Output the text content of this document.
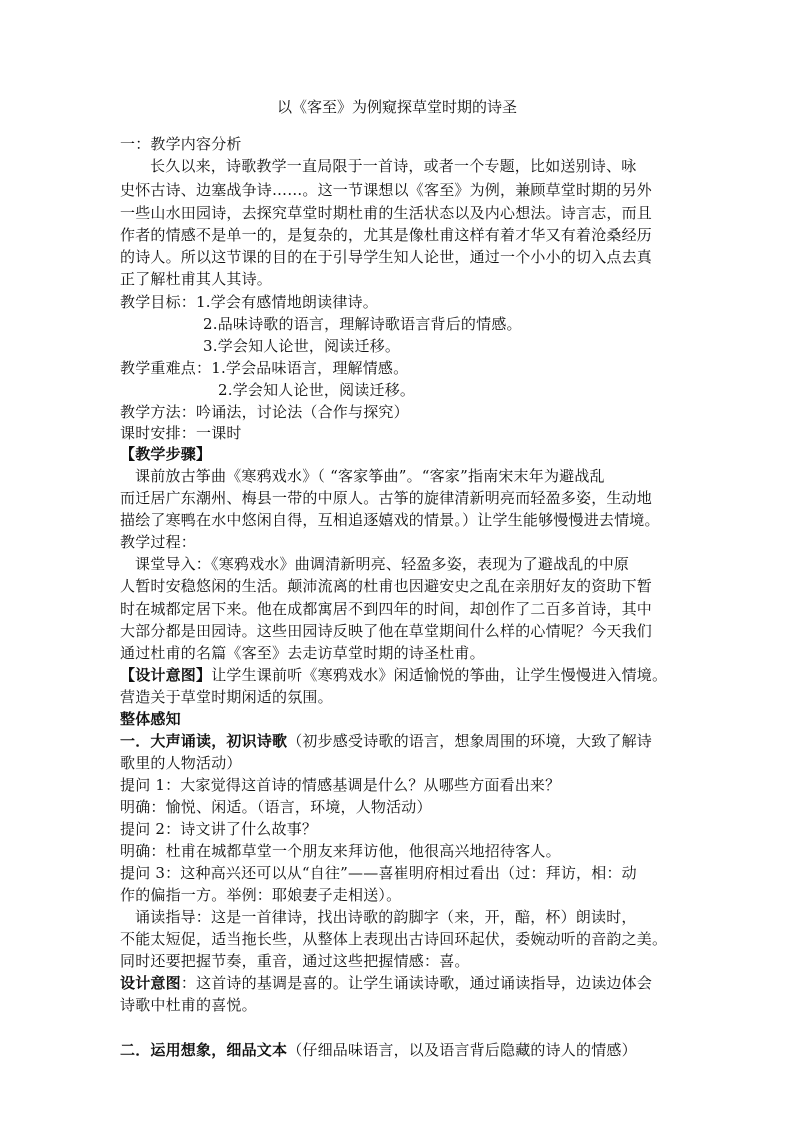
以《客至》为例窥探草堂时期的诗圣
一：教学内容分析
长久以来，诗歌教学一直局限于一首诗，或者一个专题，比如送别诗、咏
史怀古诗、边塞战争诗……。这一节课想以《客至》为例，兼顾草堂时期的另外
一些山水田园诗，去探究草堂时期杜甫的生活状态以及内心想法。诗言志，而且
作者的情感不是单一的，是复杂的，尤其是像杜甫这样有着才华又有着沧桑经历
的诗人。所以这节课的目的在于引导学生知人论世，通过一个小小的切入点去真
正了解杜甫其人其诗。
教学目标：1.学会有感情地朗读律诗。
2.品味诗歌的语言，理解诗歌语言背后的情感。
3.学会知人论世，阅读迁移。
教学重难点：1.学会品味语言，理解情感。
2.学会知人论世，阅读迁移。
教学方法：吟诵法，讨论法（合作与探究）
课时安排：一课时
【教学步骤】
课前放古筝曲《寒鸦戏水》（ “客家筝曲”。“客家”指南宋末年为避战乱
而迁居广东潮州、梅县一带的中原人。古筝的旋律清新明亮而轻盈多姿，生动地
描绘了寒鸭在水中悠闲自得，互相追逐嬉戏的情景。）让学生能够慢慢进去情境。
教学过程：
课堂导入：《寒鸦戏水》曲调清新明亮、轻盈多姿，表现为了避战乱的中原
人暂时安稳悠闲的生活。颠沛流离的杜甫也因避安史之乱在亲朋好友的资助下暂
时在城都定居下来。他在成都寓居不到四年的时间，却创作了二百多首诗，其中
大部分都是田园诗。这些田园诗反映了他在草堂期间什么样的心情呢？今天我们
通过杜甫的名篇《客至》去走访草堂时期的诗圣杜甫。
【设计意图】让学生课前听《寒鸦戏水》闲适愉悦的筝曲，让学生慢慢进入情境。
营造关于草堂时期闲适的氛围。
整体感知
一．大声诵读，初识诗歌（初步感受诗歌的语言，想象周围的环境，大致了解诗
歌里的人物活动）
提问 1：大家觉得这首诗的情感基调是什么？从哪些方面看出来？
明确：愉悦、闲适。（语言，环境，人物活动）
提问 2：诗文讲了什么故事？
明确：杜甫在城都草堂一个朋友来拜访他，他很高兴地招待客人。
提问 3：这种高兴还可以从“自往”——喜崔明府相过看出（过：拜访，相：动
作的偏指一方。举例：耶娘妻子走相送）。
诵读指导：这是一首律诗，找出诗歌的韵脚字（来，开，醅，杯）朗读时，
不能太短促，适当拖长些，从整体上表现出古诗回环起伏，委婉动听的音韵之美。
同时还要把握节奏，重音，通过这些把握情感：喜。
设计意图：这首诗的基调是喜的。让学生诵读诗歌，通过诵读指导，边读边体会
诗歌中杜甫的喜悦。
二．运用想象，细品文本（仔细品味语言，以及语言背后隐藏的诗人的情感）
